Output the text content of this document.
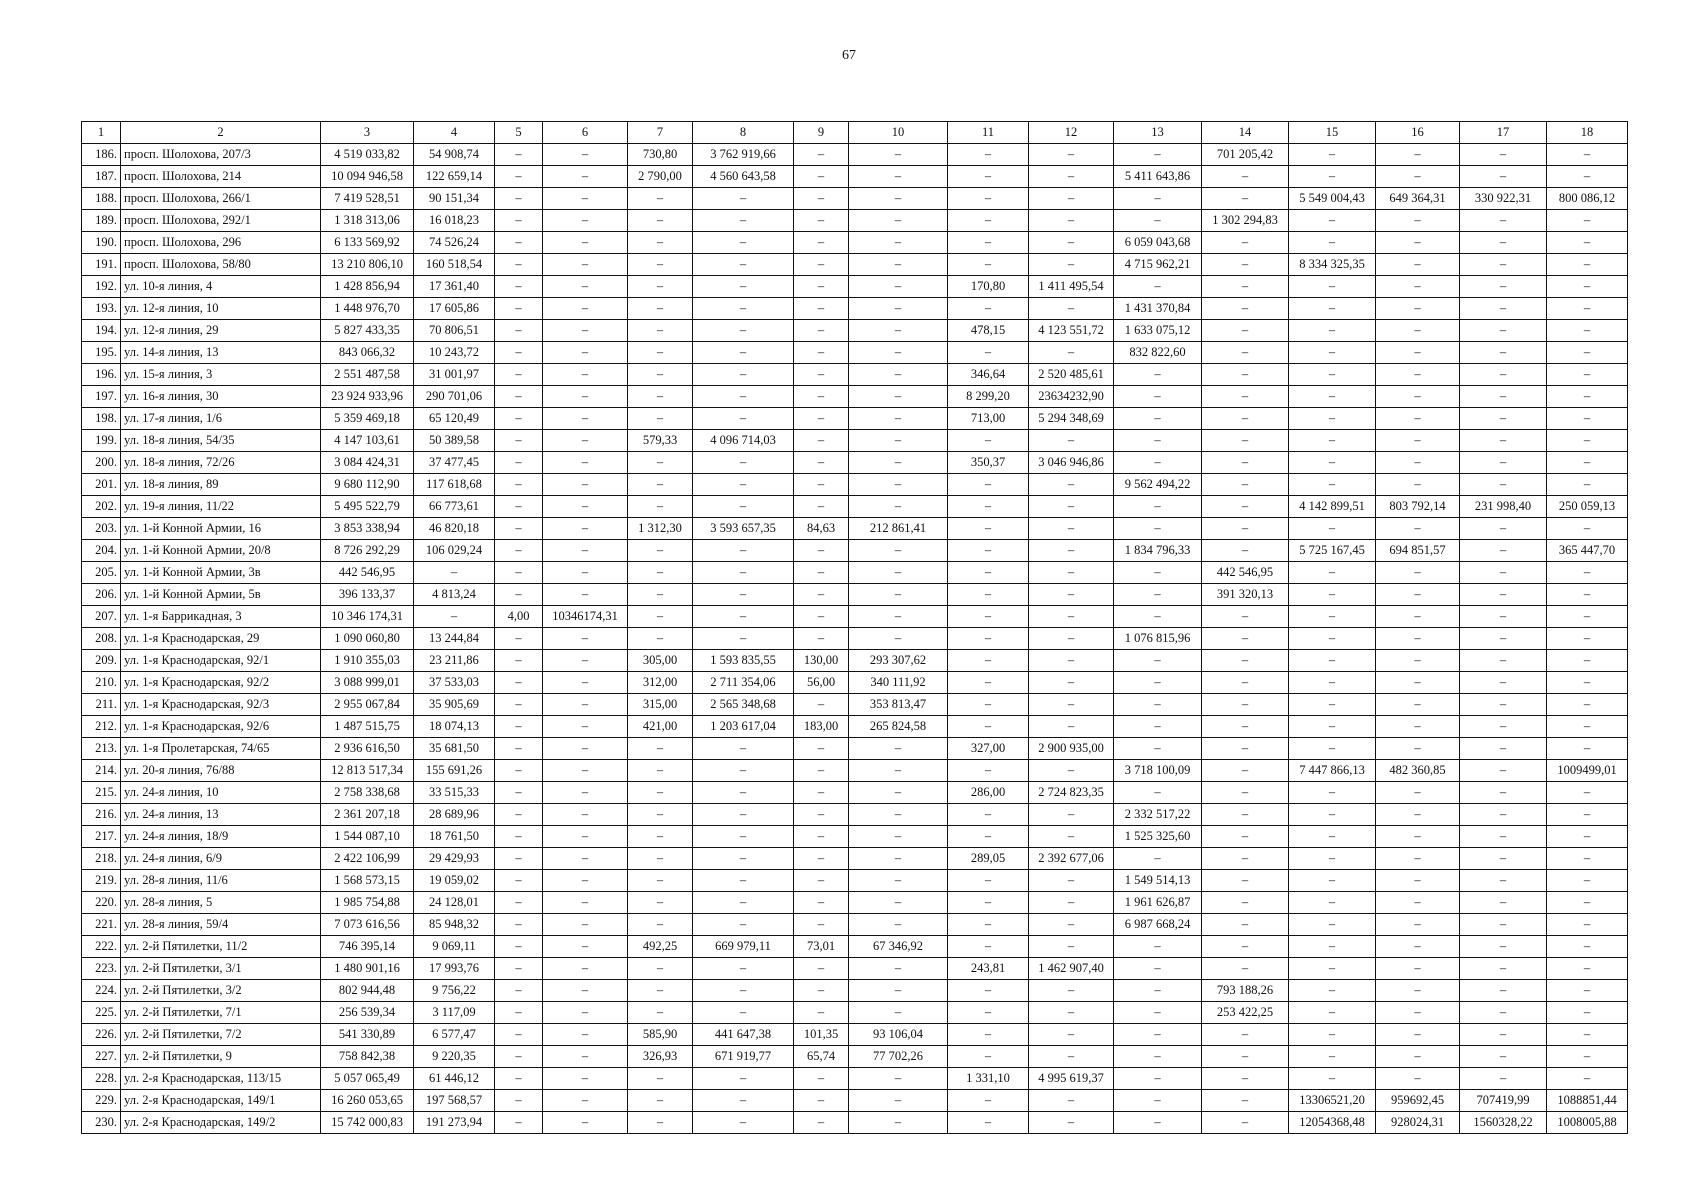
67
1	2	3	4	5	6	7	8	9	10	11	12	13	14	15	16	17	18
186.	просп. Шолохова, 207/3	4 519 033,82	54 908,74	–	–	730,80	3 762 919,66	–	–	–	–	–	701 205,42	–	–	–	–
187.	просп. Шолохова, 214	10 094 946,58	122 659,14	–	–	2 790,00	4 560 643,58	–	–	–	–	5 411 643,86	–	–	–	–	–
188.	просп. Шолохова, 266/1	7 419 528,51	90 151,34	–	–	–	–	–	–	–	–	–	–	5 549 004,43	649 364,31	330 922,31	800 086,12
189.	просп. Шолохова, 292/1	1 318 313,06	16 018,23	–	–	–	–	–	–	–	–	–	1 302 294,83	–	–	–	–
190.	просп. Шолохова, 296	6 133 569,92	74 526,24	–	–	–	–	–	–	–	–	6 059 043,68	–	–	–	–	–
191.	просп. Шолохова, 58/80	13 210 806,10	160 518,54	–	–	–	–	–	–	–	–	4 715 962,21	–	8 334 325,35	–	–	–
192.	ул. 10-я линия, 4	1 428 856,94	17 361,40	–	–	–	–	–	–	170,80	1 411 495,54	–	–	–	–	–	–
193.	ул. 12-я линия, 10	1 448 976,70	17 605,86	–	–	–	–	–	–	–	–	1 431 370,84	–	–	–	–	–
194.	ул. 12-я линия, 29	5 827 433,35	70 806,51	–	–	–	–	–	–	478,15	4 123 551,72	1 633 075,12	–	–	–	–	–
195.	ул. 14-я линия, 13	843 066,32	10 243,72	–	–	–	–	–	–	–	–	832 822,60	–	–	–	–	–
196.	ул. 15-я линия, 3	2 551 487,58	31 001,97	–	–	–	–	–	–	346,64	2 520 485,61	–	–	–	–	–	–
197.	ул. 16-я линия, 30	23 924 933,96	290 701,06	–	–	–	–	–	–	8 299,20	23634232,90	–	–	–	–	–	–
198.	ул. 17-я линия, 1/6	5 359 469,18	65 120,49	–	–	–	–	–	–	713,00	5 294 348,69	–	–	–	–	–	–
199.	ул. 18-я линия, 54/35	4 147 103,61	50 389,58	–	–	579,33	4 096 714,03	–	–	–	–	–	–	–	–	–	–
200.	ул. 18-я линия, 72/26	3 084 424,31	37 477,45	–	–	–	–	–	–	350,37	3 046 946,86	–	–	–	–	–	–
201.	ул. 18-я линия, 89	9 680 112,90	117 618,68	–	–	–	–	–	–	–	–	9 562 494,22	–	–	–	–	–
202.	ул. 19-я линия, 11/22	5 495 522,79	66 773,61	–	–	–	–	–	–	–	–	–	–	4 142 899,51	803 792,14	231 998,40	250 059,13
203.	ул. 1-й Конной Армии, 16	3 853 338,94	46 820,18	–	–	1 312,30	3 593 657,35	84,63	212 861,41	–	–	–	–	–	–	–	–
204.	ул. 1-й Конной Армии, 20/8	8 726 292,29	106 029,24	–	–	–	–	–	–	–	–	1 834 796,33	–	5 725 167,45	694 851,57	–	365 447,70
205.	ул. 1-й Конной Армии, 3в	442 546,95	–	–	–	–	–	–	–	–	–	–	442 546,95	–	–	–	–
206.	ул. 1-й Конной Армии, 5в	396 133,37	4 813,24	–	–	–	–	–	–	–	–	–	391 320,13	–	–	–	–
207.	ул. 1-я Баррикадная, 3	10 346 174,31	–	4,00	10346174,31	–	–	–	–	–	–	–	–	–	–	–	–
208.	ул. 1-я Краснодарская, 29	1 090 060,80	13 244,84	–	–	–	–	–	–	–	–	1 076 815,96	–	–	–	–	–
209.	ул. 1-я Краснодарская, 92/1	1 910 355,03	23 211,86	–	–	305,00	1 593 835,55	130,00	293 307,62	–	–	–	–	–	–	–	–
210.	ул. 1-я Краснодарская, 92/2	3 088 999,01	37 533,03	–	–	312,00	2 711 354,06	56,00	340 111,92	–	–	–	–	–	–	–	–
211.	ул. 1-я Краснодарская, 92/3	2 955 067,84	35 905,69	–	–	315,00	2 565 348,68	–	353 813,47	–	–	–	–	–	–	–	–
212.	ул. 1-я Краснодарская, 92/6	1 487 515,75	18 074,13	–	–	421,00	1 203 617,04	183,00	265 824,58	–	–	–	–	–	–	–	–
213.	ул. 1-я Пролетарская, 74/65	2 936 616,50	35 681,50	–	–	–	–	–	–	327,00	2 900 935,00	–	–	–	–	–	–
214.	ул. 20-я линия, 76/88	12 813 517,34	155 691,26	–	–	–	–	–	–	–	–	3 718 100,09	–	7 447 866,13	482 360,85	–	1009499,01
215.	ул. 24-я линия, 10	2 758 338,68	33 515,33	–	–	–	–	–	–	286,00	2 724 823,35	–	–	–	–	–	–
216.	ул. 24-я линия, 13	2 361 207,18	28 689,96	–	–	–	–	–	–	–	–	2 332 517,22	–	–	–	–	–
217.	ул. 24-я линия, 18/9	1 544 087,10	18 761,50	–	–	–	–	–	–	–	–	1 525 325,60	–	–	–	–	–
218.	ул. 24-я линия, 6/9	2 422 106,99	29 429,93	–	–	–	–	–	–	289,05	2 392 677,06	–	–	–	–	–	–
219.	ул. 28-я линия, 11/6	1 568 573,15	19 059,02	–	–	–	–	–	–	–	–	1 549 514,13	–	–	–	–	–
220.	ул. 28-я линия, 5	1 985 754,88	24 128,01	–	–	–	–	–	–	–	–	1 961 626,87	–	–	–	–	–
221.	ул. 28-я линия, 59/4	7 073 616,56	85 948,32	–	–	–	–	–	–	–	–	6 987 668,24	–	–	–	–	–
222.	ул. 2-й Пятилетки, 11/2	746 395,14	9 069,11	–	–	492,25	669 979,11	73,01	67 346,92	–	–	–	–	–	–	–	–
223.	ул. 2-й Пятилетки, 3/1	1 480 901,16	17 993,76	–	–	–	–	–	–	243,81	1 462 907,40	–	–	–	–	–	–
224.	ул. 2-й Пятилетки, 3/2	802 944,48	9 756,22	–	–	–	–	–	–	–	–	–	793 188,26	–	–	–	–
225.	ул. 2-й Пятилетки, 7/1	256 539,34	3 117,09	–	–	–	–	–	–	–	–	–	253 422,25	–	–	–	–
226.	ул. 2-й Пятилетки, 7/2	541 330,89	6 577,47	–	–	585,90	441 647,38	101,35	93 106,04	–	–	–	–	–	–	–	–
227.	ул. 2-й Пятилетки, 9	758 842,38	9 220,35	–	–	326,93	671 919,77	65,74	77 702,26	–	–	–	–	–	–	–	–
228.	ул. 2-я Краснодарская, 113/15	5 057 065,49	61 446,12	–	–	–	–	–	–	1 331,10	4 995 619,37	–	–	–	–	–	–
229.	ул. 2-я Краснодарская, 149/1	16 260 053,65	197 568,57	–	–	–	–	–	–	–	–	–	–	13306521,20	959692,45	707419,99	1088851,44
230.	ул. 2-я Краснодарская, 149/2	15 742 000,83	191 273,94	–	–	–	–	–	–	–	–	–	–	12054368,48	928024,31	1560328,22	1008005,88
